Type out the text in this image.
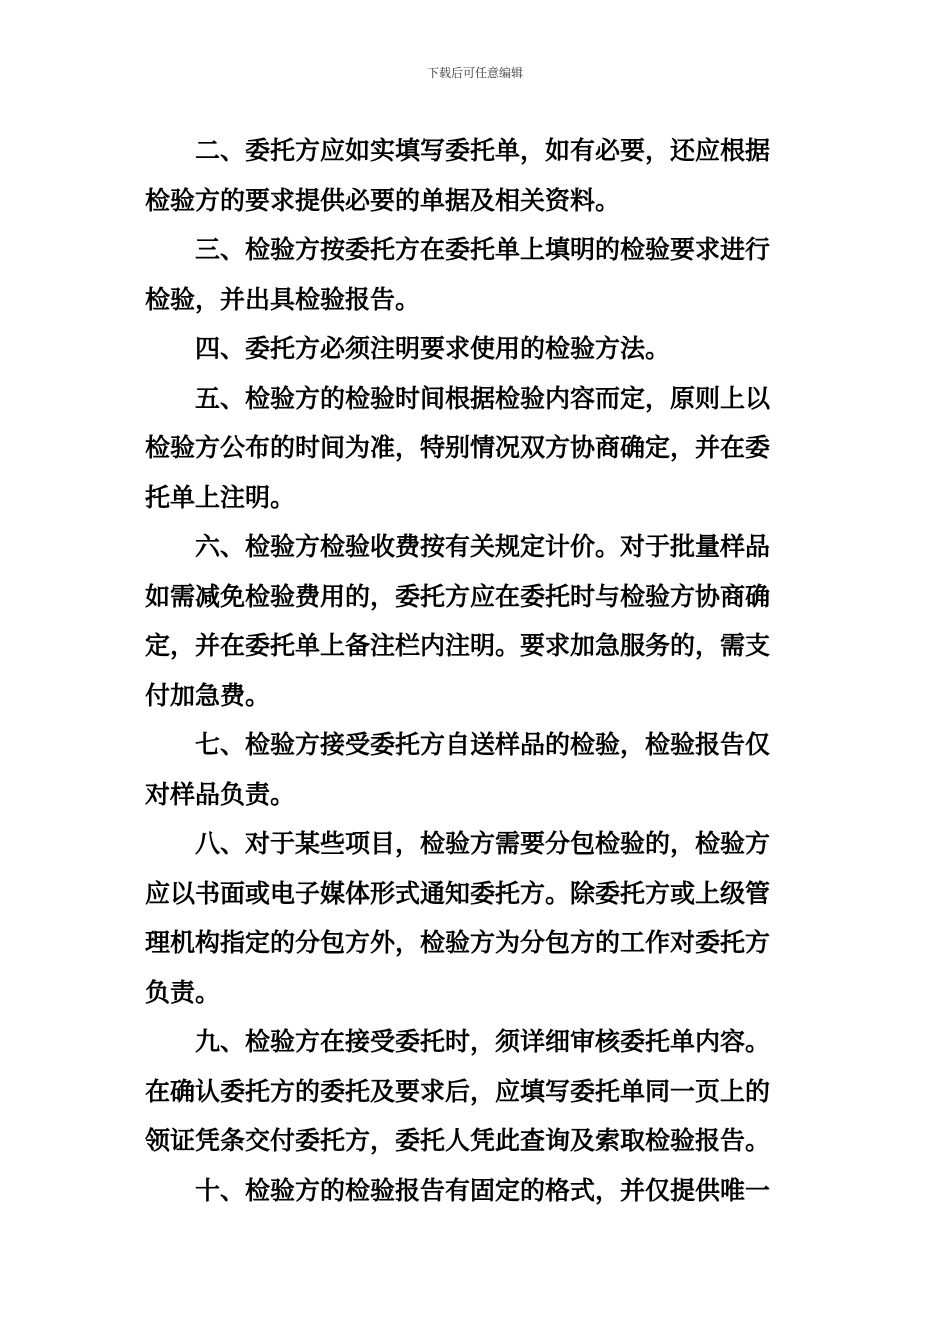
下载后可任意编辑

二、委托方应如实填写委托单，如有必要，还应根据
检验方的要求提供必要的单据及相关资料。

三、检验方按委托方在委托单上填明的检验要求进行
检验，并出具检验报告。

四、委托方必须注明要求使用的检验方法。

五、检验方的检验时间根据检验内容而定，原则上以
检验方公布的时间为准，特别情况双方协商确定，并在委
托单上注明。

六、检验方检验收费按有关规定计价。对于批量样品
如需减免检验费用的，委托方应在委托时与检验方协商确
定，并在委托单上备注栏内注明。要求加急服务的，需支
付加急费。

七、检验方接受委托方自送样品的检验，检验报告仅
对样品负责。

八、对于某些项目，检验方需要分包检验的，检验方
应以书面或电子媒体形式通知委托方。除委托方或上级管
理机构指定的分包方外，检验方为分包方的工作对委托方
负责。

九、检验方在接受委托时，须详细审核委托单内容。
在确认委托方的委托及要求后，应填写委托单同一页上的
领证凭条交付委托方，委托人凭此查询及索取检验报告。

十、检验方的检验报告有固定的格式，并仅提供唯一
